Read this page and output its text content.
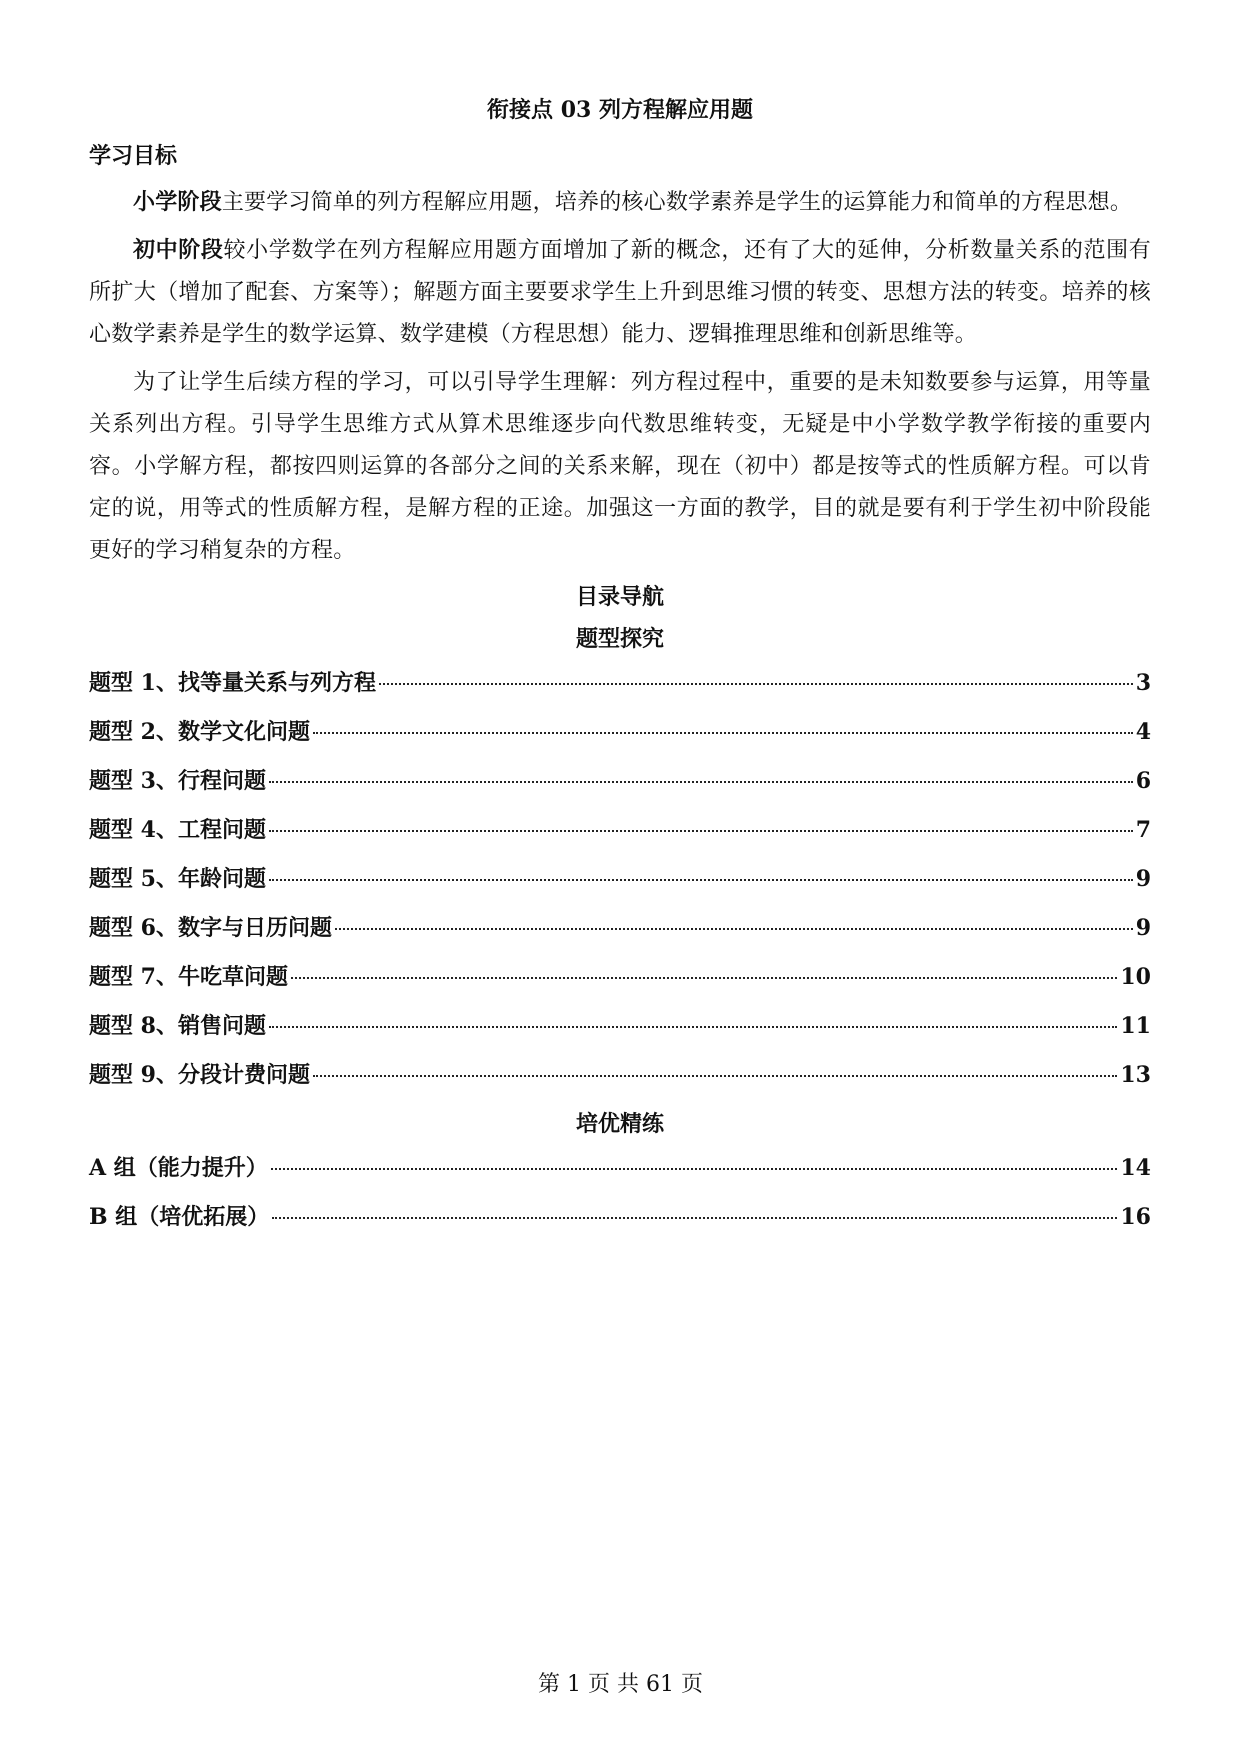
衔接点 03 列方程解应用题
学习目标

小学阶段主要学习简单的列方程解应用题，培养的核心数学素养是学生的运算能力和简单的方程思想。

初中阶段较小学数学在列方程解应用题方面增加了新的概念，还有了大的延伸，分析数量关系的范围有所扩大（增加了配套、方案等）；解题方面主要要求学生上升到思维习惯的转变、思想方法的转变。培养的核心数学素养是学生的数学运算、数学建模（方程思想）能力、逻辑推理思维和创新思维等。

为了让学生后续方程的学习，可以引导学生理解：列方程过程中，重要的是未知数要参与运算，用等量关系列出方程。引导学生思维方式从算术思维逐步向代数思维转变，无疑是中小学数学教学衔接的重要内容。小学解方程，都按四则运算的各部分之间的关系来解，现在（初中）都是按等式的性质解方程。可以肯定的说，用等式的性质解方程，是解方程的正途。加强这一方面的教学，目的就是要有利于学生初中阶段能更好的学习稍复杂的方程。

目录导航
题型探究
题型 1、找等量关系与列方程	3
题型 2、数学文化问题	4
题型 3、行程问题	6
题型 4、工程问题	7
题型 5、年龄问题	9
题型 6、数字与日历问题	9
题型 7、牛吃草问题	10
题型 8、销售问题	11
题型 9、分段计费问题	13
培优精练
A 组（能力提升）	14
B 组（培优拓展）	16
第 1 页 共 61 页
